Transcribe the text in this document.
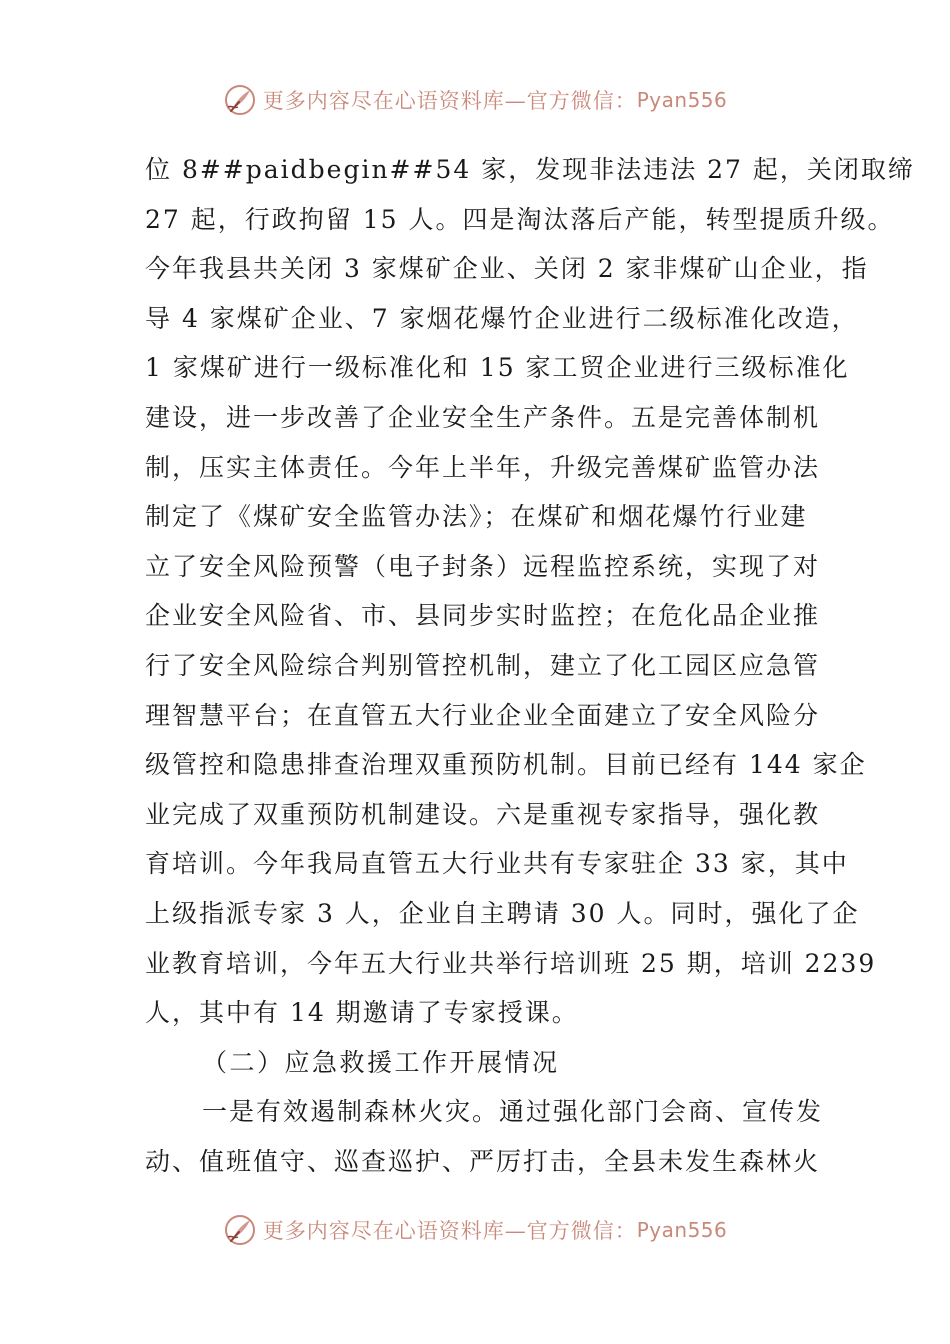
更多内容尽在心语资料库—官方微信： Pyan556
位 8##paidbegin##54 家，发现非法违法 27 起，关闭取缔
27 起，行政拘留 15 人。四是淘汰落后产能，转型提质升级。
今年我县共关闭 3 家煤矿企业、关闭 2 家非煤矿山企业，指
导 4 家煤矿企业、7 家烟花爆竹企业进行二级标准化改造，
1 家煤矿进行一级标准化和 15 家工贸企业进行三级标准化
建设，进一步改善了企业安全生产条件。五是完善体制机
制，压实主体责任。今年上半年，升级完善煤矿监管办法
制定了《煤矿安全监管办法》；在煤矿和烟花爆竹行业建
立了安全风险预警（电子封条）远程监控系统，实现了对
企业安全风险省、市、县同步实时监控；在危化品企业推
行了安全风险综合判别管控机制，建立了化工园区应急管
理智慧平台；在直管五大行业企业全面建立了安全风险分
级管控和隐患排查治理双重预防机制。目前已经有 144 家企
业完成了双重预防机制建设。六是重视专家指导，强化教
育培训。今年我局直管五大行业共有专家驻企 33 家，其中
上级指派专家 3 人，企业自主聘请 30 人。同时，强化了企
业教育培训，今年五大行业共举行培训班 25 期，培训 2239
人，其中有 14 期邀请了专家授课。
（二）应急救援工作开展情况
一是有效遏制森林火灾。通过强化部门会商、宣传发
动、值班值守、巡查巡护、严厉打击，全县未发生森林火
更多内容尽在心语资料库—官方微信： Pyan556
